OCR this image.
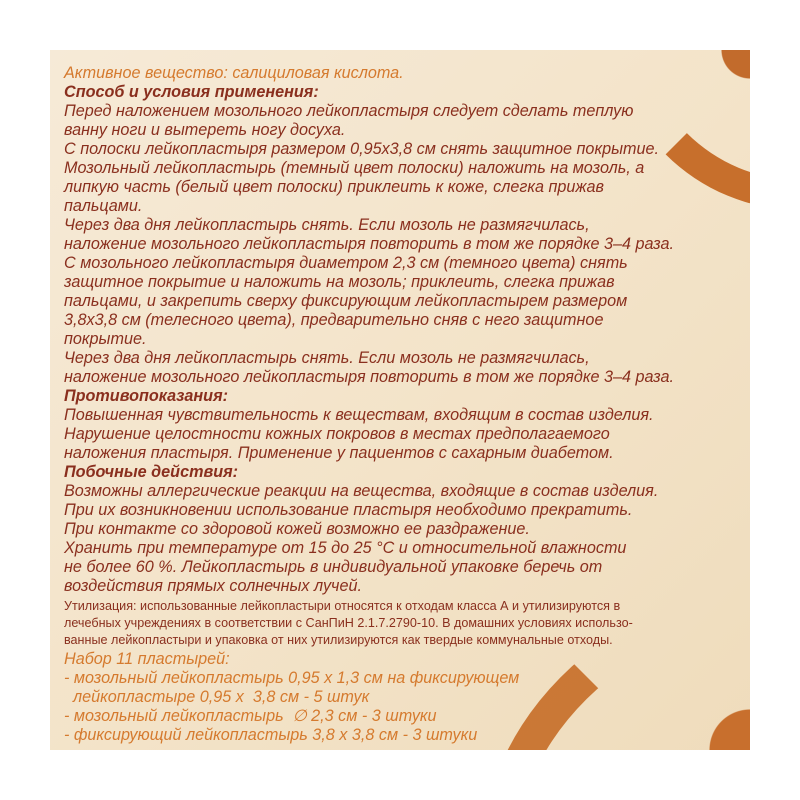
Активное вещество: салициловая кислота.
Способ и условия применения:
Перед наложением мозольного лейкопластыря следует сделать теплую
ванну ноги и вытереть ногу досуха.
С полоски лейкопластыря размером 0,95x3,8 см снять защитное покрытие.
Мозольный лейкопластырь (темный цвет полоски) наложить на мозоль, а
липкую часть (белый цвет полоски) приклеить к коже, слегка прижав
пальцами.
Через два дня лейкопластырь снять. Если мозоль не размягчилась,
наложение мозольного лейкопластыря повторить в том же порядке 3–4 раза.
С мозольного лейкопластыря диаметром 2,3 см (темного цвета) снять
защитное покрытие и наложить на мозоль; приклеить, слегка прижав
пальцами, и закрепить сверху фиксирующим лейкопластырем размером
3,8x3,8 см (телесного цвета), предварительно сняв с него защитное
покрытие.
Через два дня лейкопластырь снять. Если мозоль не размягчилась,
наложение мозольного лейкопластыря повторить в том же порядке 3–4 раза.
Противопоказания:
Повышенная чувствительность к веществам, входящим в состав изделия.
Нарушение целостности кожных покровов в местах предполагаемого
наложения пластыря. Применение у пациентов с сахарным диабетом.
Побочные действия:
Возможны аллергические реакции на вещества, входящие в состав изделия.
При их возникновении использование пластыря необходимо прекратить.
При контакте со здоровой кожей возможно ее раздражение.
Хранить при температуре от 15 до 25 °С и относительной влажности
не более 60 %. Лейкопластырь в индивидуальной упаковке беречь от
воздействия прямых солнечных лучей.
Утилизация: использованные лейкопластыри относятся к отходам класса А и утилизируются в
лечебных учреждениях в соответствии с СанПиН 2.1.7.2790-10. В домашних условиях использо-
ванные лейкопластыри и упаковка от них утилизируются как твердые коммунальные отходы.
Набор 11 пластырей:
- мозольный лейкопластырь 0,95 х 1,3 см на фиксирующем
лейкопластыре 0,95 х  3,8 см - 5 штук
- мозольный лейкопластырь  ∅ 2,3 см - 3 штуки
- фиксирующий лейкопластырь 3,8 х 3,8 см - 3 штуки
